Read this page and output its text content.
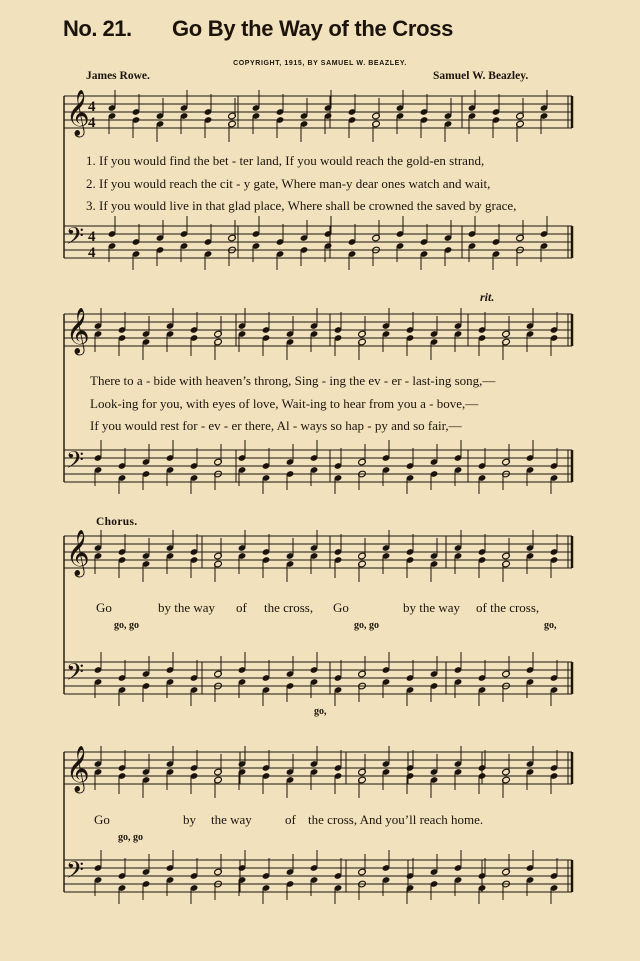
No. 21. Go By the Way of the Cross
COPYRIGHT, 1915, BY SAMUEL W. BEAZLEY.
James Rowe.	Samuel W. Beazley.
𝄞
𝄢
4
4
4
4
𝄞
𝄢
𝄞
𝄢
𝄞
𝄢
1. If you would find the bet - ter land, If you would reach the gold-en strand,
2. If you would reach the cit - y gate, Where man-y dear ones watch and wait,
3. If you would live in that glad place, Where shall be crowned the saved by grace,
rit.
There to a - bide with heaven’s throng, Sing - ing the ev - er - last-ing song,—
Look-ing for you, with eyes of love, Wait-ing to hear from you a - bove,—
If you would rest for - ev - er there, Al - ways so hap - py and so fair,—
Chorus.
Go	by the way of the cross, Go	by the way of the cross,
go, go	go, go	go,
go,
Go	by the way	of the cross, And you’ll reach home.
go, go
